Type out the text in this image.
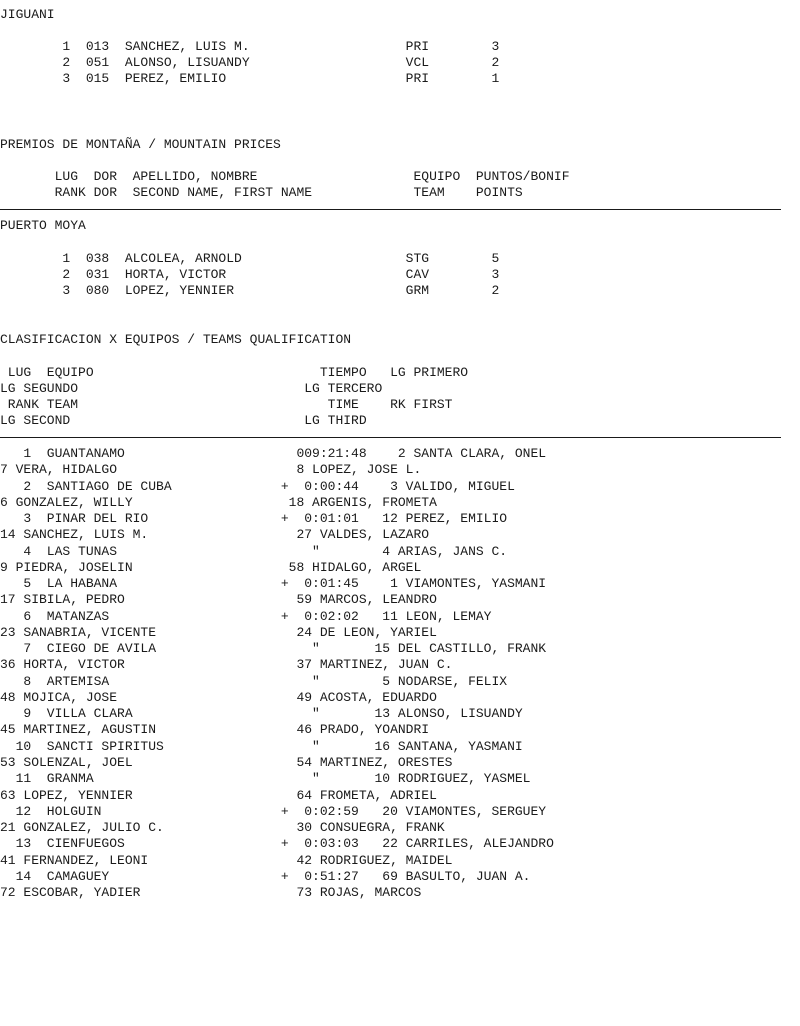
JIGUANI
1  013  SANCHEZ, LUIS M.                    PRI        3
2  051  ALONSO, LISUANDY                    VCL        2
3  015  PEREZ, EMILIO                       PRI        1
PREMIOS DE MONTAÑA / MOUNTAIN PRICES
LUG  DOR  APELLIDO, NOMBRE                    EQUIPO  PUNTOS/BONIF
RANK DOR  SECOND NAME, FIRST NAME             TEAM    POINTS
PUERTO MOYA
1  038  ALCOLEA, ARNOLD                     STG        5
2  031  HORTA, VICTOR                       CAV        3
3  080  LOPEZ, YENNIER                      GRM        2
CLASIFICACION X EQUIPOS / TEAMS QUALIFICATION
LUG  EQUIPO                             TIEMPO   LG PRIMERO
LG SEGUNDO                             LG TERCERO
RANK TEAM                                TIME    RK FIRST
LG SECOND                              LG THIRD
1  GUANTANAMO                      009:21:48    2 SANTA CLARA, ONEL
7 VERA, HIDALGO                       8 LOPEZ, JOSE L.
2  SANTIAGO DE CUBA              +  0:00:44    3 VALIDO, MIGUEL
6 GONZALEZ, WILLY                    18 ARGENIS, FROMETA
3  PINAR DEL RIO                 +  0:01:01   12 PEREZ, EMILIO
14 SANCHEZ, LUIS M.                   27 VALDES, LAZARO
4  LAS TUNAS                         "        4 ARIAS, JANS C.
9 PIEDRA, JOSELIN                    58 HIDALGO, ARGEL
5  LA HABANA                     +  0:01:45    1 VIAMONTES, YASMANI
17 SIBILA, PEDRO                      59 MARCOS, LEANDRO
6  MATANZAS                      +  0:02:02   11 LEON, LEMAY
23 SANABRIA, VICENTE                  24 DE LEON, YARIEL
7  CIEGO DE AVILA                    "       15 DEL CASTILLO, FRANK
36 HORTA, VICTOR                      37 MARTINEZ, JUAN C.
8  ARTEMISA                          "        5 NODARSE, FELIX
48 MOJICA, JOSE                       49 ACOSTA, EDUARDO
9  VILLA CLARA                       "       13 ALONSO, LISUANDY
45 MARTINEZ, AGUSTIN                  46 PRADO, YOANDRI
10  SANCTI SPIRITUS                   "       16 SANTANA, YASMANI
53 SOLENZAL, JOEL                     54 MARTINEZ, ORESTES
11  GRANMA                            "       10 RODRIGUEZ, YASMEL
63 LOPEZ, YENNIER                     64 FROMETA, ADRIEL
12  HOLGUIN                       +  0:02:59   20 VIAMONTES, SERGUEY
21 GONZALEZ, JULIO C.                 30 CONSUEGRA, FRANK
13  CIENFUEGOS                    +  0:03:03   22 CARRILES, ALEJANDRO
41 FERNANDEZ, LEONI                   42 RODRIGUEZ, MAIDEL
14  CAMAGUEY                      +  0:51:27   69 BASULTO, JUAN A.
72 ESCOBAR, YADIER                    73 ROJAS, MARCOS
